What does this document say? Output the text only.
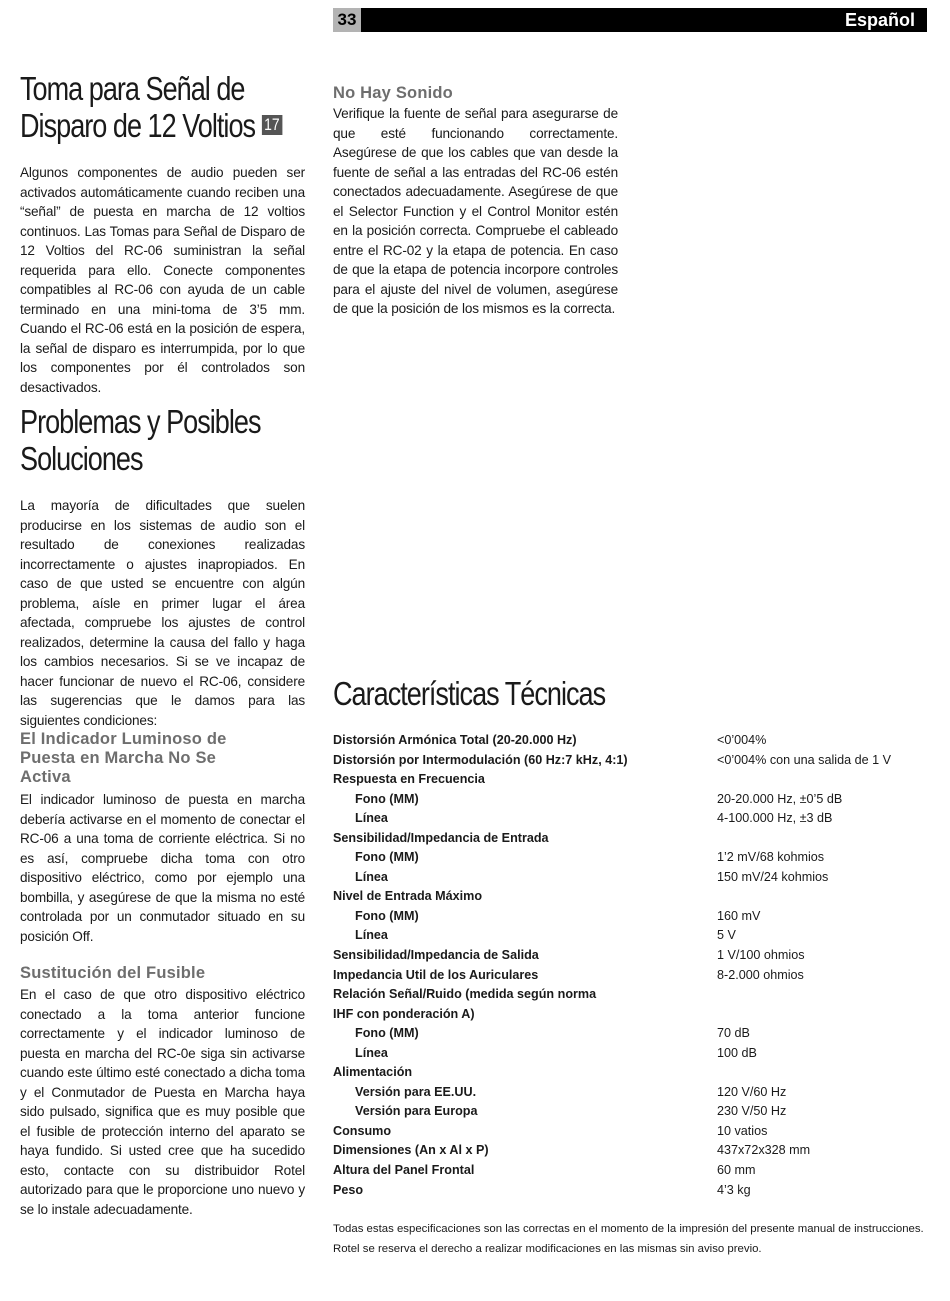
33	Español
Toma para Señal de
Disparo de 12 Voltios 17

Algunos componentes de audio pueden ser activados automáticamente cuando reciben una “señal” de puesta en marcha de 12 voltios continuos. Las Tomas para Señal de Disparo de 12 Voltios del RC-06 suministran la señal requerida para ello. Conecte componentes compatibles al RC-06 con ayuda de un cable terminado en una mini-toma de 3’5 mm. Cuando el RC-06 está en la posición de espera, la señal de disparo es interrumpida, por lo que los componentes por él controlados son desactivados.

Problemas y Posibles
Soluciones

La mayoría de dificultades que suelen producirse en los sistemas de audio son el resultado de conexiones realizadas incorrectamente o ajustes inapropiados. En caso de que usted se encuentre con algún problema, aísle en primer lugar el área afectada, compruebe los ajustes de control realizados, determine la causa del fallo y haga los cambios necesarios. Si se ve incapaz de hacer funcionar de nuevo el RC-06, considere las sugerencias que le damos para las siguientes condiciones:

El Indicador Luminoso de
Puesta en Marcha No Se
Activa

El indicador luminoso de puesta en marcha debería activarse en el momento de conectar el RC-06 a una toma de corriente eléctrica. Si no es así, compruebe dicha toma con otro dispositivo eléctrico, como por ejemplo una bombilla, y asegúrese de que la misma no esté controlada por un conmutador situado en su posición Off.

Sustitución del Fusible

En el caso de que otro dispositivo eléctrico conectado a la toma anterior funcione correctamente y el indicador luminoso de puesta en marcha del RC-0e siga sin activarse cuando este último esté conectado a dicha toma y el Conmutador de Puesta en Marcha haya sido pulsado, significa que es muy posible que el fusible de protección interno del aparato se haya fundido. Si usted cree que ha sucedido esto, contacte con su distribuidor Rotel autorizado para que le proporcione uno nuevo y se lo instale adecuadamente.

No Hay Sonido

Verifique la fuente de señal para asegurarse de que esté funcionando correctamente. Asegúrese de que los cables que van desde la fuente de señal a las entradas del RC-06 estén conectados adecuadamente. Asegúrese de que el Selector Function y el Control Monitor estén en la posición correcta. Compruebe el cableado entre el RC-02 y la etapa de potencia. En caso de que la etapa de potencia incorpore controles para el ajuste del nivel de volumen, asegúrese de que la posición de los mismos es la correcta.

Características Técnicas
Distorsión Armónica Total (20-20.000 Hz)	<0’004%
Distorsión por Intermodulación (60 Hz:7 kHz, 4:1)	<0’004% con una salida de 1 V
Respuesta en Frecuencia
Fono (MM)	20-20.000 Hz, ±0’5 dB
Línea	4-100.000 Hz, ±3 dB
Sensibilidad/Impedancia de Entrada
Fono (MM)	1’2 mV/68 kohmios
Línea	150 mV/24 kohmios
Nivel de Entrada Máximo
Fono (MM)	160 mV
Línea	5 V
Sensibilidad/Impedancia de Salida	1 V/100 ohmios
Impedancia Util de los Auriculares	8-2.000 ohmios
Relación Señal/Ruido (medida según norma
IHF con ponderación A)
Fono (MM)	70 dB
Línea	100 dB
Alimentación
Versión para EE.UU.	120 V/60 Hz
Versión para Europa	230 V/50 Hz
Consumo	10 vatios
Dimensiones (An x Al x P)	437x72x328 mm
Altura del Panel Frontal	60 mm
Peso	4’3 kg
Todas estas especificaciones son las correctas en el momento de la impresión del presente manual de instrucciones.
Rotel se reserva el derecho a realizar modificaciones en las mismas sin aviso previo.
